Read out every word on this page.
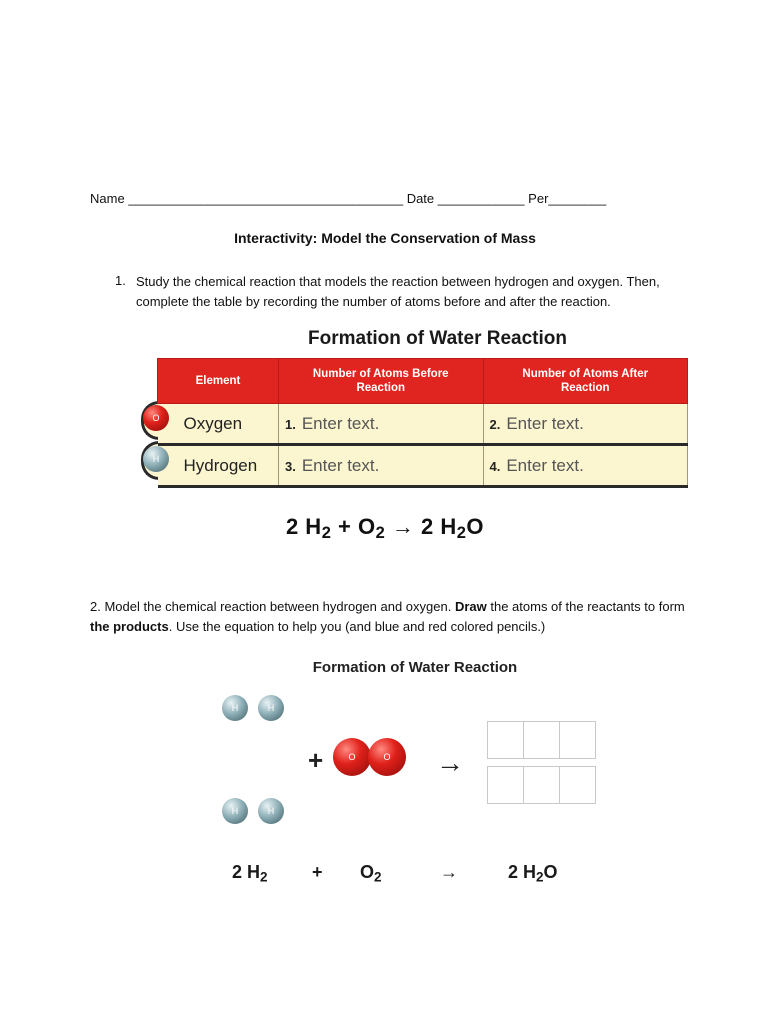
Name ______________________________________ Date ____________ Per________
Interactivity: Model the Conservation of Mass
1. Study the chemical reaction that models the reaction between hydrogen and oxygen. Then, complete the table by recording the number of atoms before and after the reaction.
Formation of Water Reaction
Element	Number of Atoms Before Reaction	Number of Atoms After Reaction
Oxygen	1. Enter text.	2. Enter text.
Hydrogen	3. Enter text.	4. Enter text.
O
H
2 $H_2 + O_2 \to 2$ $H_2O$
2. Model the chemical reaction between hydrogen and oxygen. Draw the atoms of the reactants to form the products. Use the equation to help you (and blue and red colored pencils.)
Formation of Water Reaction
H	H
H	H
+	O	O →

2 $H_2 + O_2$	→	2 $H_2O$
